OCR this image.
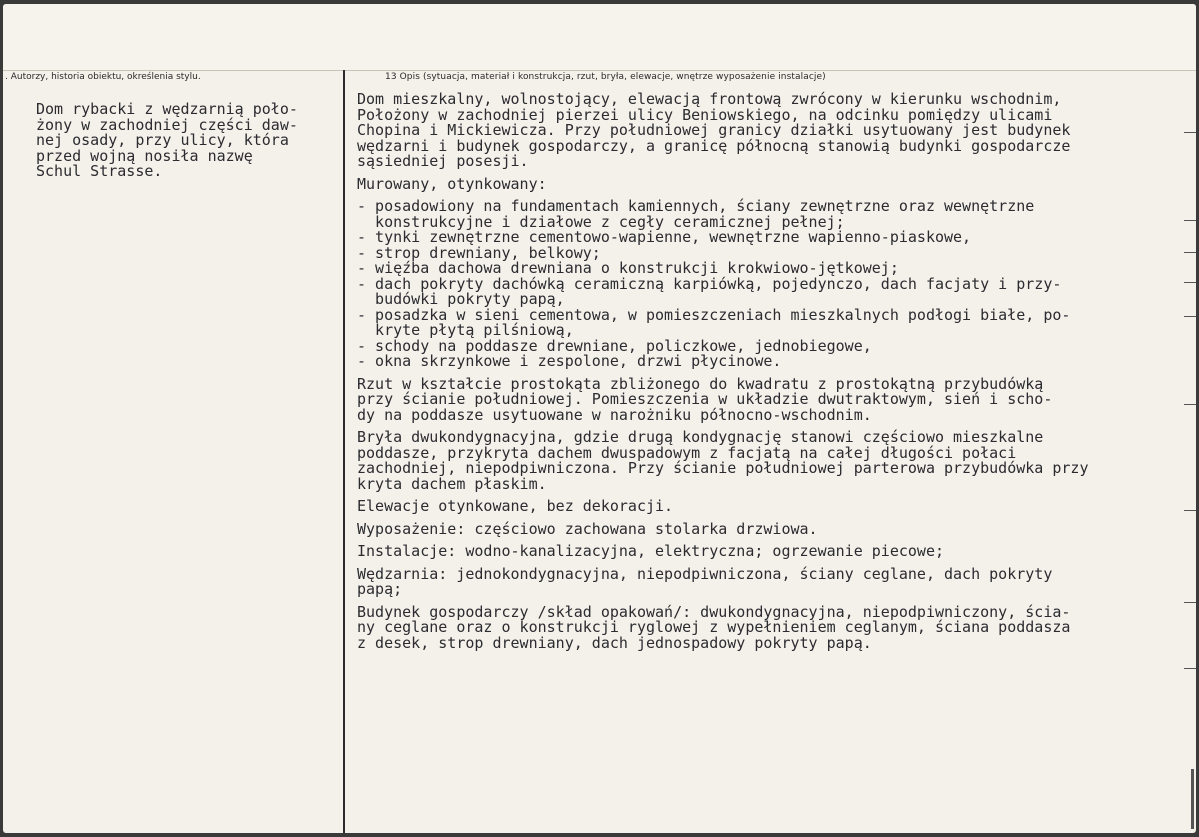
. Autorzy, historia obiektu, określenia stylu.	13 Opis (sytuacja, materiał i konstrukcja, rzut, bryła, elewacje, wnętrze wyposażenie instalacje)

Dom rybacki z wędzarnią poło-

żony w zachodniej części daw-

nej osady, przy ulicy, która

przed wojną nosiła nazwę

Schul Strasse.

Dom mieszkalny, wolnostojący, elewacją frontową zwrócony w kierunku wschodnim,

Położony w zachodniej pierzei ulicy Beniowskiego, na odcinku pomiędzy ulicami

Chopina i Mickiewicza. Przy południowej granicy działki usytuowany jest budynek

wędzarni i budynek gospodarczy, a granicę północną stanowią budynki gospodarcze

sąsiedniej posesji.

Murowany, otynkowany:

- posadowiony na fundamentach kamiennych, ściany zewnętrzne oraz wewnętrzne

konstrukcyjne i działowe z cegły ceramicznej pełnej;

- tynki zewnętrzne cementowo-wapienne, wewnętrzne wapienno-piaskowe,

- strop drewniany, belkowy;

- więźba dachowa drewniana o konstrukcji krokwiowo-jętkowej;

- dach pokryty dachówką ceramiczną karpiówką, pojedynczo, dach facjaty i przy-

budówki pokryty papą,

- posadzka w sieni cementowa, w pomieszczeniach mieszkalnych podłogi białe, po-

kryte płytą pilśniową,

- schody na poddasze drewniane, policzkowe, jednobiegowe,

- okna skrzynkowe i zespolone, drzwi płycinowe.

Rzut w kształcie prostokąta zbliżonego do kwadratu z prostokątną przybudówką

przy ścianie południowej. Pomieszczenia w układzie dwutraktowym, sień i scho-

dy na poddasze usytuowane w narożniku północno-wschodnim.

Bryła dwukondygnacyjna, gdzie drugą kondygnację stanowi częściowo mieszkalne

poddasze, przykryta dachem dwuspadowym z facjatą na całej długości połaci

zachodniej, niepodpiwniczona. Przy ścianie południowej parterowa przybudówka przy

kryta dachem płaskim.

Elewacje otynkowane, bez dekoracji.

Wyposażenie: częściowo zachowana stolarka drzwiowa.

Instalacje: wodno-kanalizacyjna, elektryczna; ogrzewanie piecowe;

Wędzarnia: jednokondygnacyjna, niepodpiwniczona, ściany ceglane, dach pokryty

papą;

Budynek gospodarczy /skład opakowań/: dwukondygnacyjna, niepodpiwniczony, ścia-

ny ceglane oraz o konstrukcji ryglowej z wypełnieniem ceglanym, ściana poddasza

z desek, strop drewniany, dach jednospadowy pokryty papą.
